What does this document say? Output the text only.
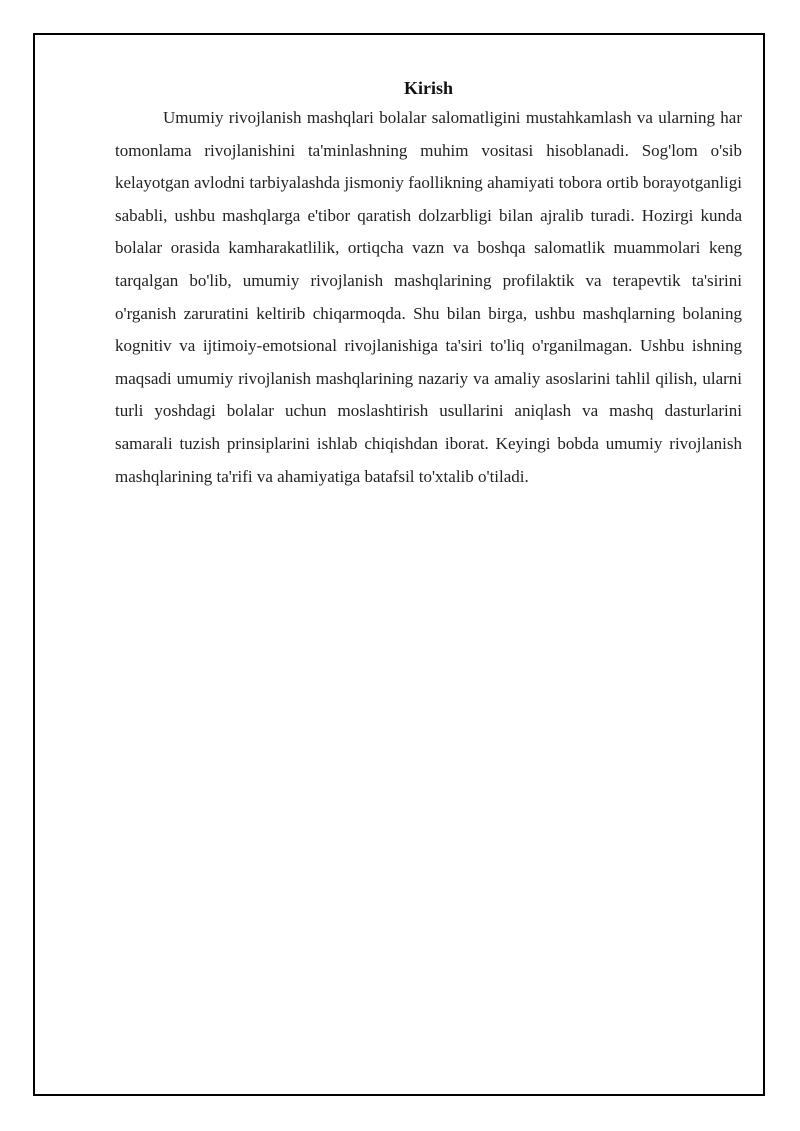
Kirish

Umumiy rivojlanish mashqlari bolalar salomatligini mustahkamlash va ularning har tomonlama rivojlanishini ta'minlashning muhim vositasi hisoblanadi. Sog'lom o'sib kelayotgan avlodni tarbiyalashda jismoniy faollikning ahamiyati tobora ortib borayotganligi sababli, ushbu mashqlarga e'tibor qaratish dolzarbligi bilan ajralib turadi. Hozirgi kunda bolalar orasida kamharakatlilik, ortiqcha vazn va boshqa salomatlik muammolari keng tarqalgan bo'lib, umumiy rivojlanish mashqlarining profilaktik va terapevtik ta'sirini o'rganish zaruratini keltirib chiqarmoqda. Shu bilan birga, ushbu mashqlarning bolaning kognitiv va ijtimoiy-emotsional rivojlanishiga ta'siri to'liq o'rganilmagan. Ushbu ishning maqsadi umumiy rivojlanish mashqlarining nazariy va amaliy asoslarini tahlil qilish, ularni turli yoshdagi bolalar uchun moslashtirish usullarini aniqlash va mashq dasturlarini samarali tuzish prinsiplarini ishlab chiqishdan iborat. Keyingi bobda umumiy rivojlanish mashqlarining ta'rifi va ahamiyatiga batafsil to'xtalib o'tiladi.
